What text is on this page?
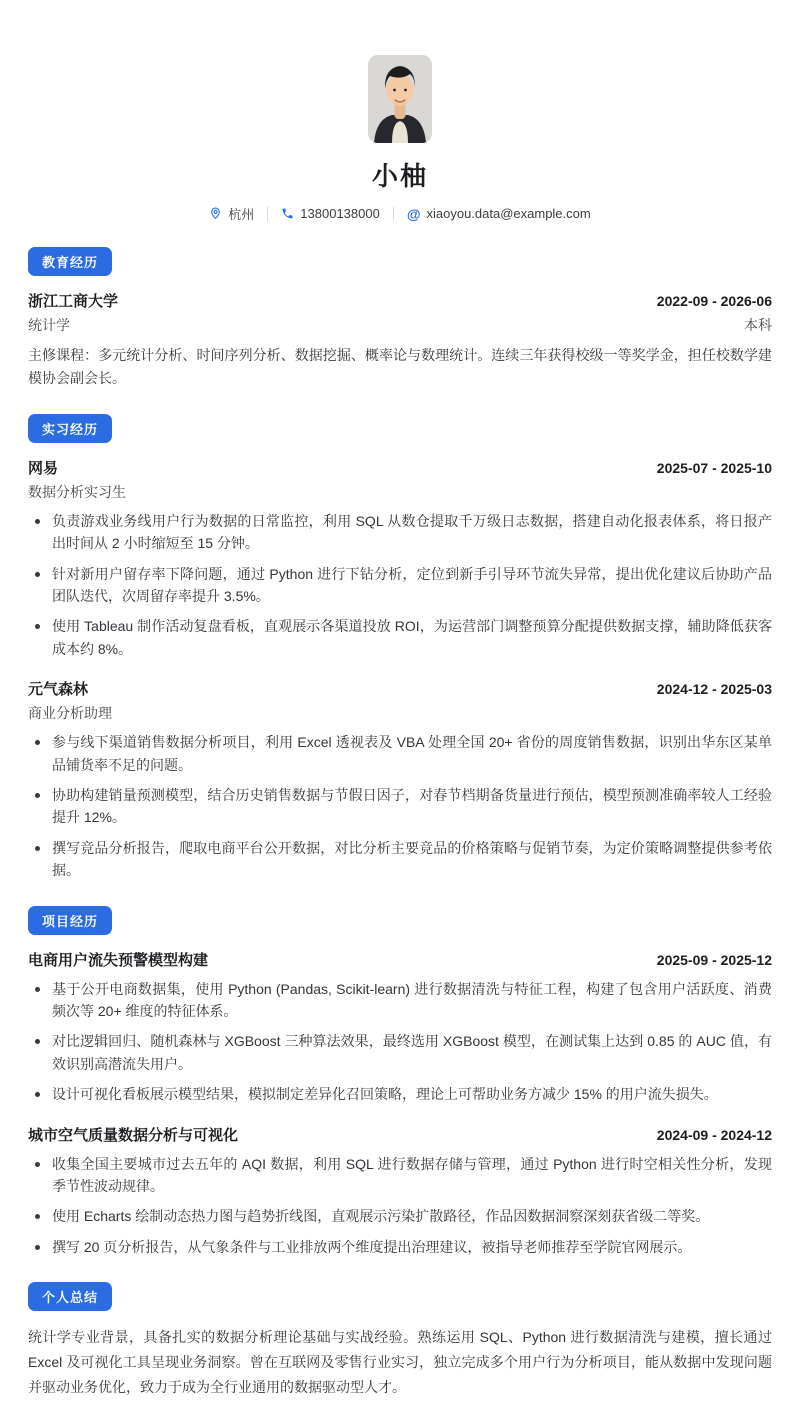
小柚
杭州	13800138000 @ xiaoyou.data@example.com
教育经历
浙江工商大学	2022-09 - 2026-06
统计学	本科
主修课程：多元统计分析、时间序列分析、数据挖掘、概率论与数理统计。连续三年获得校级一等奖学金，担任校数学建模协会副会长。
实习经历
网易	2025-07 - 2025-10
数据分析实习生
负责游戏业务线用户行为数据的日常监控，利用 SQL 从数仓提取千万级日志数据，搭建自动化报表体系，将日报产出时间从 2 小时缩短至 15 分钟。
针对新用户留存率下降问题，通过 Python 进行下钻分析，定位到新手引导环节流失异常，提出优化建议后协助产品团队迭代，次周留存率提升 3.5%。
使用 Tableau 制作活动复盘看板，直观展示各渠道投放 ROI，为运营部门调整预算分配提供数据支撑，辅助降低获客成本约 8%。
元气森林	2024-12 - 2025-03
商业分析助理
参与线下渠道销售数据分析项目，利用 Excel 透视表及 VBA 处理全国 20+ 省份的周度销售数据，识别出华东区某单品铺货率不足的问题。
协助构建销量预测模型，结合历史销售数据与节假日因子，对春节档期备货量进行预估，模型预测准确率较人工经验提升 12%。
撰写竞品分析报告，爬取电商平台公开数据，对比分析主要竞品的价格策略与促销节奏，为定价策略调整提供参考依据。
项目经历
电商用户流失预警模型构建	2025-09 - 2025-12
基于公开电商数据集，使用 Python (Pandas, Scikit-learn) 进行数据清洗与特征工程，构建了包含用户活跃度、消费频次等 20+ 维度的特征体系。
对比逻辑回归、随机森林与 XGBoost 三种算法效果，最终选用 XGBoost 模型，在测试集上达到 0.85 的 AUC 值，有效识别高潜流失用户。
设计可视化看板展示模型结果，模拟制定差异化召回策略，理论上可帮助业务方减少 15% 的用户流失损失。
城市空气质量数据分析与可视化	2024-09 - 2024-12
收集全国主要城市过去五年的 AQI 数据，利用 SQL 进行数据存储与管理，通过 Python 进行时空相关性分析，发现季节性波动规律。
使用 Echarts 绘制动态热力图与趋势折线图，直观展示污染扩散路径，作品因数据洞察深刻获省级二等奖。
撰写 20 页分析报告，从气象条件与工业排放两个维度提出治理建议，被指导老师推荐至学院官网展示。
个人总结
统计学专业背景，具备扎实的数据分析理论基础与实战经验。熟练运用 SQL、Python 进行数据清洗与建模，擅长通过 Excel 及可视化工具呈现业务洞察。曾在互联网及零售行业实习，独立完成多个用户行为分析项目，能从数据中发现问题并驱动业务优化，致力于成为全行业通用的数据驱动型人才。
